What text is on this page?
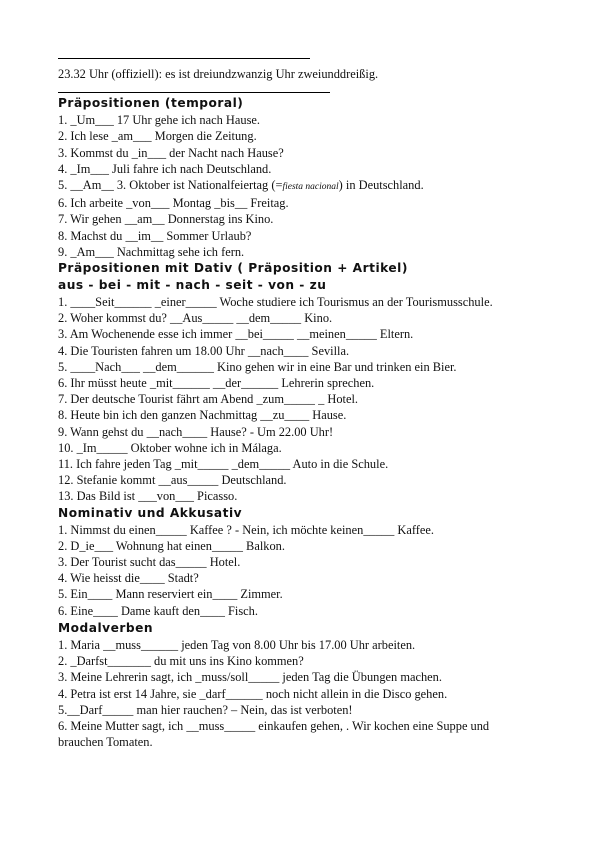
23.32 Uhr (offiziell): es ist dreiundzwanzig Uhr zweiunddreißig.
Präpositionen (temporal)
1. _Um___ 17 Uhr gehe ich nach Hause.
2. Ich lese _am___ Morgen die Zeitung.
3. Kommst du _in___ der Nacht nach Hause?
4. _Im___ Juli fahre ich nach Deutschland.
5. __Am__ 3. Oktober ist Nationalfeiertag (=fiesta nacional) in Deutschland.
6. Ich arbeite _von___ Montag _bis__ Freitag.
7. Wir gehen __am__ Donnerstag ins Kino.
8. Machst du __im__ Sommer Urlaub?
9. _Am___ Nachmittag sehe ich fern.
Präpositionen mit Dativ ( Präposition + Artikel)
aus - bei - mit - nach - seit - von - zu
1. ____Seit______ _einer_____ Woche studiere ich Tourismus an der Tourismusschule.
2. Woher kommst du? __Aus_____ __dem_____ Kino.
3. Am Wochenende esse ich immer __bei_____ __meinen_____ Eltern.
4. Die Touristen fahren um 18.00 Uhr __nach____ Sevilla.
5. ____Nach___ __dem______ Kino gehen wir in eine Bar und trinken ein Bier.
6. Ihr müsst heute _mit______ __der______ Lehrerin sprechen.
7. Der deutsche Tourist fährt am Abend _zum_____ _ Hotel.
8. Heute bin ich den ganzen Nachmittag __zu____ Hause.
9. Wann gehst du __nach____ Hause? - Um 22.00 Uhr!
10. _Im_____ Oktober wohne ich in Málaga.
11. Ich fahre jeden Tag _mit_____ _dem_____ Auto in die Schule.
12. Stefanie kommt __aus_____ Deutschland.
13. Das Bild ist ___von___ Picasso.
Nominativ und Akkusativ
1. Nimmst du einen_____ Kaffee ? - Nein, ich möchte keinen_____ Kaffee.
2. D_ie___ Wohnung hat einen_____ Balkon.
3. Der Tourist sucht das_____ Hotel.
4. Wie heisst die____ Stadt?
5. Ein____ Mann reserviert ein____ Zimmer.
6. Eine____ Dame kauft den____ Fisch.
Modalverben
1. Maria __muss______ jeden Tag von 8.00 Uhr bis 17.00 Uhr arbeiten.
2. _Darfst_______ du mit uns ins Kino kommen?
3. Meine Lehrerin sagt, ich _muss/soll_____ jeden Tag die Übungen machen.
4. Petra ist erst 14 Jahre, sie _darf______ noch nicht allein in die Disco gehen.
5.__Darf_____ man hier rauchen? – Nein, das ist verboten!
6. Meine Mutter sagt, ich __muss_____ einkaufen gehen, . Wir kochen eine Suppe und brauchen Tomaten.
